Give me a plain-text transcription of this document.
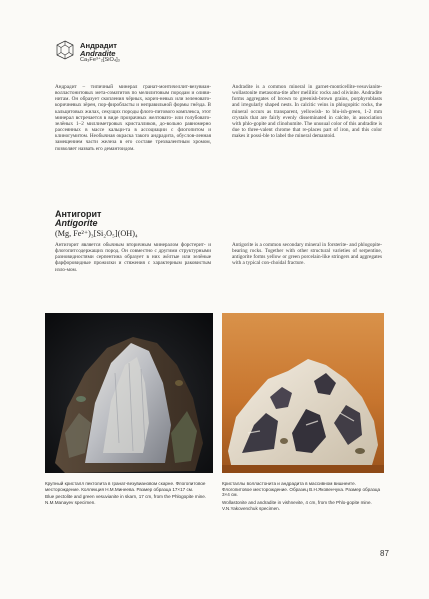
Андрадит
Andradite
Ca₃Fe³⁺₂[SiO₄]₃

Андрадит – типичный минерал гранат-монтичеллит-везувиан-волластонитовых мета-соматитов по мелилитовым породам и оливи-нитам. Он образует скопления чёрных, корич-невых или зеленовато-коричневых зёрен, пор-фиробласты и неправильной формы гнёзда. В кальцитовых жилах, секущих породы флого-питового комплекса, этот минерал встречается в виде прозрачных желтовато- или голубовато-зелёных 1–2 миллиметровых кристалликов, до-вольно равномерно рассеянных в массе кальци-та в ассоциации с флогопитом и клиногумитом. Необычная окраска такого андрадита, обуслов-ленная замещением части железа в его составе трехвалентным хромом, позволяет назвать его демантоидом.

Andradite is a common mineral in garnet-monticellite-vesuvianite-wollastonite metasoma-tite after melilitic rocks and olivinite. Andradite forms aggregates of brown to greenish-brown grains, porphyroblasts and irregularly shaped nests. In calcitic veins in phlogopitic rocks, the mineral occurs as transparent, yellowish- to blu-ish-green, 1-2 mm crystals that are fairly evenly disseminated in calcite, in association with phlo-gopite and clinohumite. The unusual color of this andradite is due to three-valent chrome that re-places part of iron, and this color makes it possi-ble to label the mineral demantoid.

Антигорит
Antigorite
(Mg, Fe²⁺)₃[Si₂O₅](OH)₄

Антигорит является обычным вторичным минералом форстерит- и флогопитсодержащих пород. Он совместно с другими структурными разновидностями серпентина образует в них жёлтые или зелёные фарфоровидные прожилки и стяжения с характерным раковистым изло-мом.

Antigorite is a common secondary mineral in forsterite- and phlogopite-bearing rocks. Together with other structural varieties of serpentine, antigorite forms yellow or green porcelain-like stringers and aggregates with a typical con-choidal fracture.

Крупный кристалл пектолита в гранат-везувиановом скарне. Флогопитовое месторождение. Коллекция Н.М.Минеева. Размер образца 17×17 см.

Blue pectolite and green vesuvianite in skarn, 17 cm, from the Phlogopite mine. N.M.Manayev specimen.

Кристаллы волластонита и андрадита в массивном вишнеите. Флогопитовое месторождение. Образец В.Н.Яковенчука. Размер образца 3×4 см.

Wollastonite and andradite in vishnevite, 4 cm, from the Phlo-gopite mine. V.N.Yakovenchuk specimen.

87
